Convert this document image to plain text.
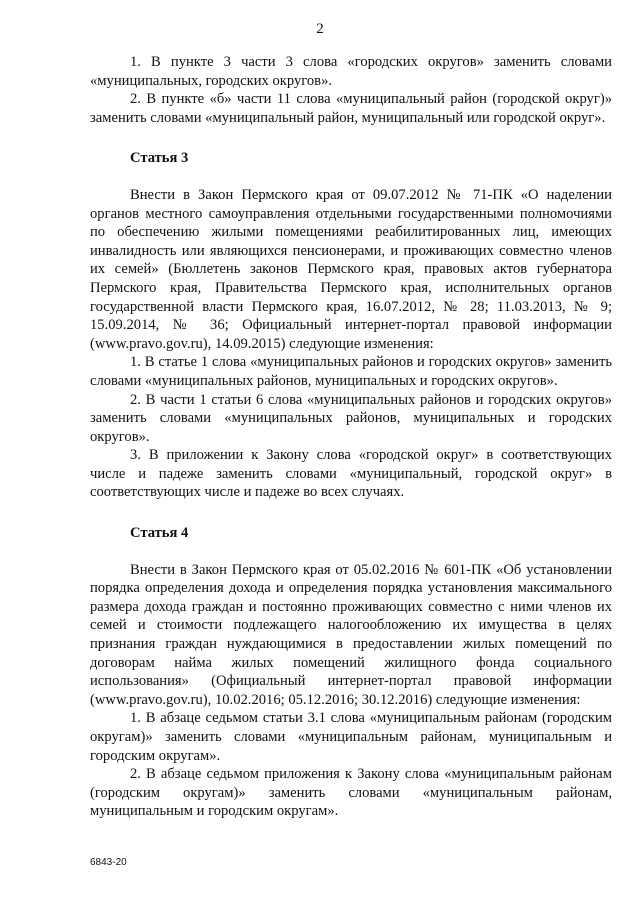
2

1. В пункте 3 части 3 слова «городских округов» заменить словами «муниципальных, городских округов».

2. В пункте «б» части 11 слова «муниципальный район (городской округ)» заменить словами «муниципальный район, муниципальный или городской округ».

Статья 3

Внести в Закон Пермского края от 09.07.2012 № 71-ПК «О наделении органов местного самоуправления отдельными государственными полномочиями по обеспечению жилыми помещениями реабилитированных лиц, имеющих инвалидность или являющихся пенсионерами, и проживающих совместно членов их семей» (Бюллетень законов Пермского края, правовых актов губернатора Пермского края, Правительства Пермского края, исполнительных органов государственной власти Пермского края, 16.07.2012, № 28; 11.03.2013, № 9; 15.09.2014, № 36; Официальный интернет-портал правовой информации (www.pravo.gov.ru), 14.09.2015) следующие изменения:

1. В статье 1 слова «муниципальных районов и городских округов» заменить словами «муниципальных районов, муниципальных и городских округов».

2. В части 1 статьи 6 слова «муниципальных районов и городских округов» заменить словами «муниципальных районов, муниципальных и городских округов».

3. В приложении к Закону слова «городской округ» в соответствующих числе и падеже заменить словами «муниципальный, городской округ» в соответствующих числе и падеже во всех случаях.

Статья 4

Внести в Закон Пермского края от 05.02.2016 № 601-ПК «Об установлении порядка определения дохода и определения порядка установления максимального размера дохода граждан и постоянно проживающих совместно с ними членов их семей и стоимости подлежащего налогообложению их имущества в целях признания граждан нуждающимися в предоставлении жилых помещений по договорам найма жилых помещений жилищного фонда социального использования» (Официальный интернет-портал правовой информации (www.pravo.gov.ru), 10.02.2016; 05.12.2016; 30.12.2016) следующие изменения:

1. В абзаце седьмом статьи 3.1 слова «муниципальным районам (городским округам)» заменить словами «муниципальным районам, муниципальным и городским округам».

2. В абзаце седьмом приложения к Закону слова «муниципальным районам (городским округам)» заменить словами «муниципальным районам, муниципальным и городским округам».

6843-20
